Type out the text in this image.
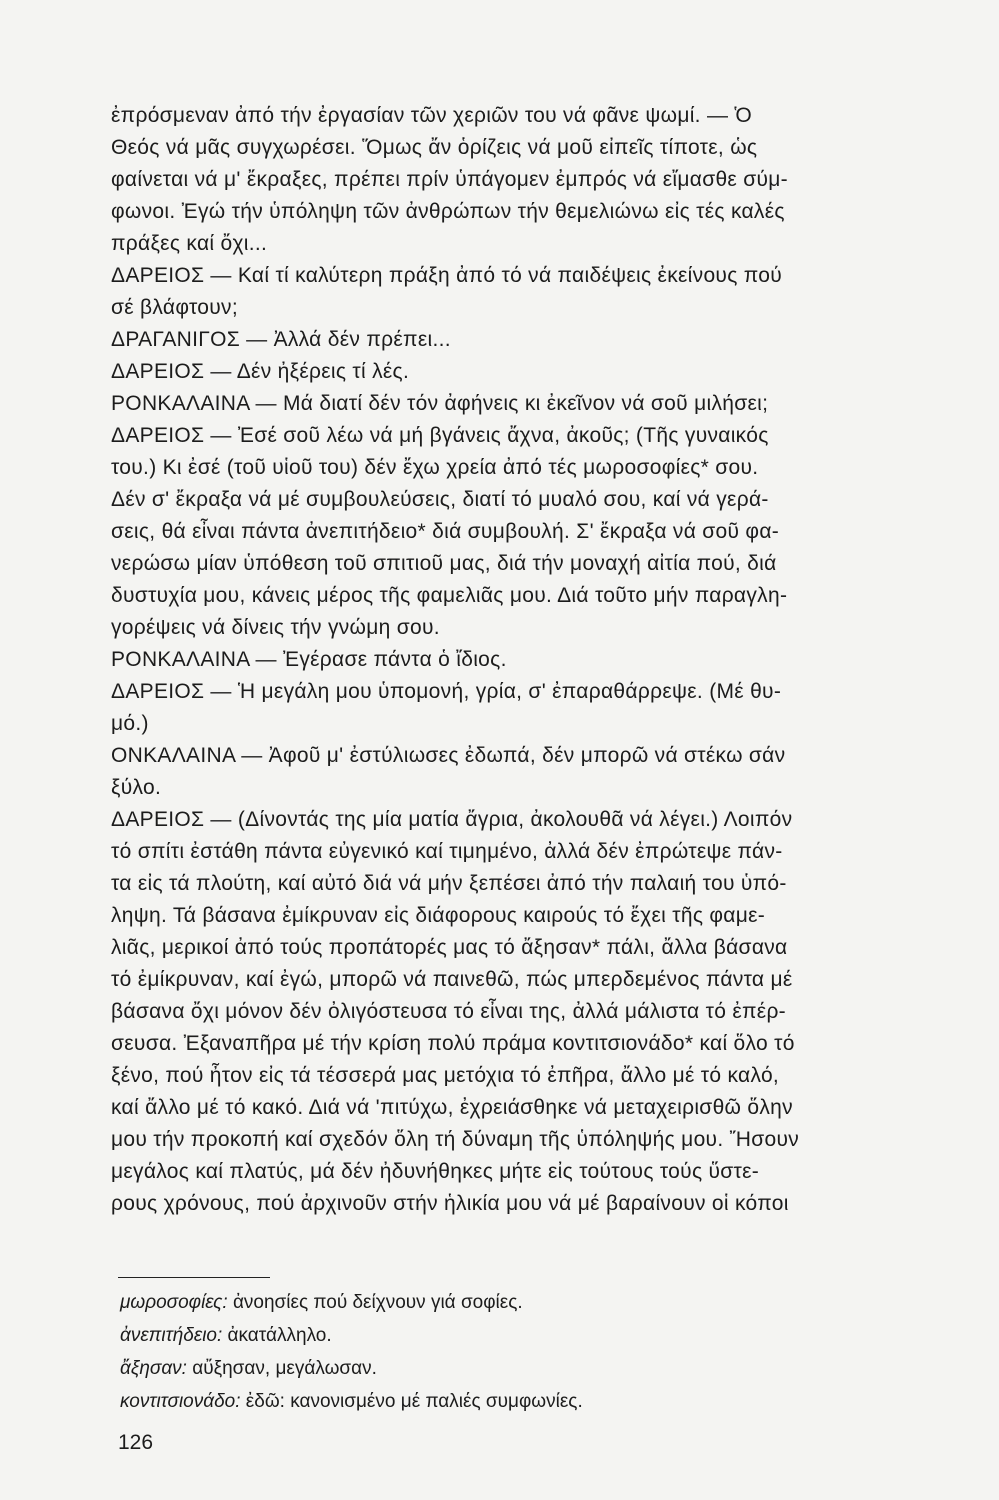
ἐπρόσμεναν ἀπό τήν ἐργασίαν τῶν χεριῶν του νά φᾶνε ψωμί. — Ὁ
Θεός νά μᾶς συγχωρέσει. Ὅμως ἄν ὁρίζεις νά μοῦ εἰπεῖς τίποτε, ὡς
φαίνεται νά μ' ἔκραξες, πρέπει πρίν ὑπάγομεν ἐμπρός νά εἴμασθε σύμ-
φωνοι. Ἐγώ τήν ὑπόληψη τῶν ἀνθρώπων τήν θεμελιώνω εἰς τές καλές
πράξες καί ὄχι...
ΔΑΡΕΙΟΣ — Καί τί καλύτερη πράξη ἀπό τό νά παιδέψεις ἐκείνους πού
σέ βλάφτουν;
ΔΡΑΓΑΝΙΓΟΣ — Ἀλλά δέν πρέπει...
ΔΑΡΕΙΟΣ — Δέν ἠξέρεις τί λές.
ΡΟΝΚΑΛΑΙΝΑ — Μά διατί δέν τόν ἀφήνεις κι ἐκεῖνον νά σοῦ μιλήσει;
ΔΑΡΕΙΟΣ — Ἐσέ σοῦ λέω νά μή βγάνεις ἄχνα, ἀκοῦς; (Τῆς γυναικός
του.) Κι ἐσέ (τοῦ υἱοῦ του) δέν ἔχω χρεία ἀπό τές μωροσοφίες* σου.
Δέν σ' ἔκραξα νά μέ συμβουλεύσεις, διατί τό μυαλό σου, καί νά γερά-
σεις, θά εἶναι πάντα ἀνεπιτήδειο* διά συμβουλή. Σ' ἔκραξα νά σοῦ φα-
νερώσω μίαν ὑπόθεση τοῦ σπιτιοῦ μας, διά τήν μοναχή αἰτία πού, διά
δυστυχία μου, κάνεις μέρος τῆς φαμελιᾶς μου. Διά τοῦτο μήν παραγλη-
γορέψεις νά δίνεις τήν γνώμη σου.
ΡΟΝΚΑΛΑΙΝΑ — Ἐγέρασε πάντα ὁ ἴδιος.
ΔΑΡΕΙΟΣ — Ἡ μεγάλη μου ὑπομονή, γρία, σ' ἐπαραθάρρεψε. (Μέ θυ-
μό.)
ΟΝΚΑΛΑΙΝΑ — Ἀφοῦ μ' ἐστύλιωσες ἐδωπά, δέν μπορῶ νά στέκω σάν
ξύλο.
ΔΑΡΕΙΟΣ — (Δίνοντάς της μία ματία ἄγρια, ἀκολουθᾶ νά λέγει.) Λοιπόν
τό σπίτι ἐστάθη πάντα εὐγενικό καί τιμημένο, ἀλλά δέν ἐπρώτεψε πάν-
τα εἰς τά πλούτη, καί αὐτό διά νά μήν ξεπέσει ἀπό τήν παλαιή του ὑπό-
ληψη. Τά βάσανα ἐμίκρυναν εἰς διάφορους καιρούς τό ἔχει τῆς φαμε-
λιᾶς, μερικοί ἀπό τούς προπάτορές μας τό ἄξησαν* πάλι, ἄλλα βάσανα
τό ἐμίκρυναν, καί ἐγώ, μπορῶ νά παινεθῶ, πώς μπερδεμένος πάντα μέ
βάσανα ὄχι μόνον δέν ὀλιγόστευσα τό εἶναι της, ἀλλά μάλιστα τό ἐπέρ-
σευσα. Ἐξαναπῆρα μέ τήν κρίση πολύ πράμα κοντιτσιονάδο* καί ὅλο τό
ξένο, πού ἦτον εἰς τά τέσσερά μας μετόχια τό ἐπῆρα, ἄλλο μέ τό καλό,
καί ἄλλο μέ τό κακό. Διά νά 'πιτύχω, ἐχρειάσθηκε νά μεταχειρισθῶ ὅλην
μου τήν προκοπή καί σχεδόν ὅλη τή δύναμη τῆς ὑπόληψής μου. Ἤσουν
μεγάλος καί πλατύς, μά δέν ἠδυνήθηκες μήτε εἰς τούτους τούς ὕστε-
ρους χρόνους, πού ἀρχινοῦν στήν ἡλικία μου νά μέ βαραίνουν οἱ κόποι
μωροσοφίες: ἀνοησίες πού δείχνουν γιά σοφίες.
ἀνεπιτήδειο: ἀκατάλληλο.
ἄξησαν: αὔξησαν, μεγάλωσαν.
κοντιτσιονάδο: ἐδῶ: κανονισμένο μέ παλιές συμφωνίες.
126
